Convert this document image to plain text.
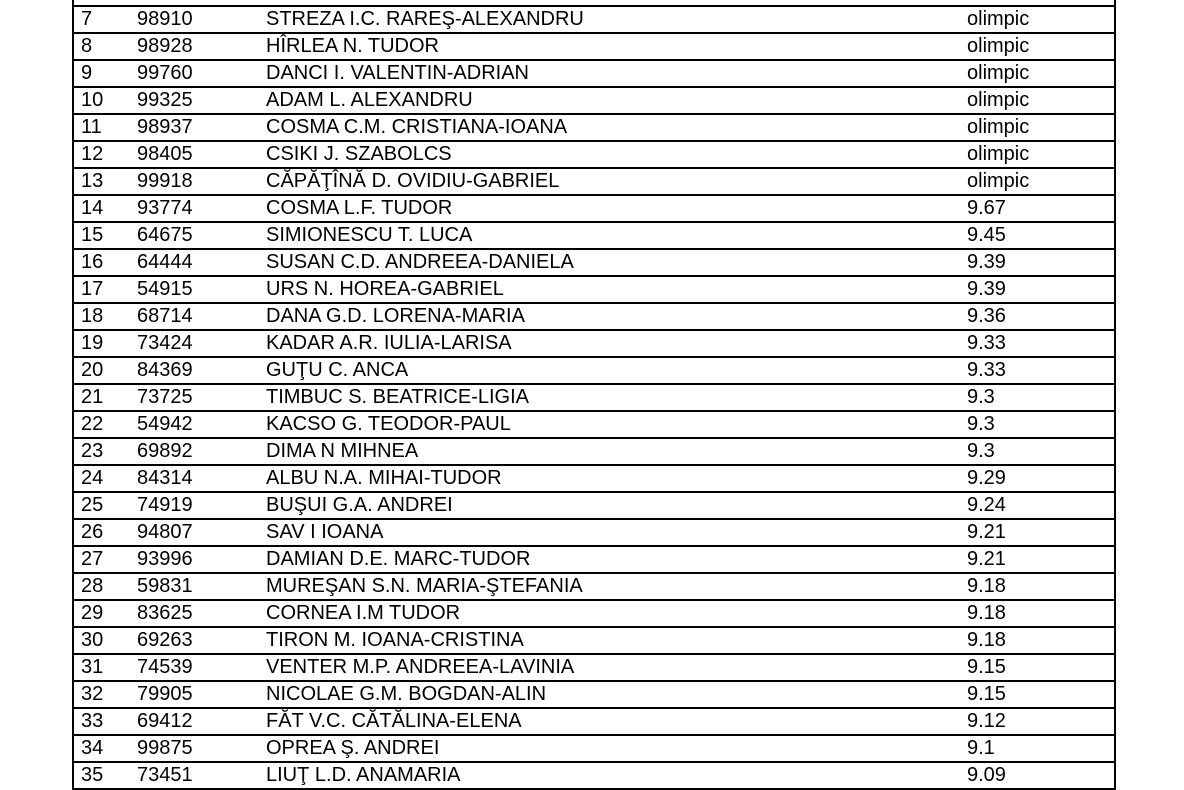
7 98910	STREZA I.C. RAREŞ-ALEXANDRU	olimpic
8 98928	HÎRLEA N. TUDOR	olimpic
9 99760	DANCI I. VALENTIN-ADRIAN	olimpic
10 99325	ADAM L. ALEXANDRU	olimpic
11 98937	COSMA C.M. CRISTIANA-IOANA	olimpic
12 98405	CSIKI J. SZABOLCS	olimpic
13 99918	CĂPĂŢÎNĂ D. OVIDIU-GABRIEL	olimpic
14 93774	COSMA L.F. TUDOR	9.67
15 64675	SIMIONESCU T. LUCA	9.45
16 64444	SUSAN C.D. ANDREEA-DANIELA	9.39
17 54915	URS N. HOREA-GABRIEL	9.39
18 68714	DANA G.D. LORENA-MARIA	9.36
19 73424	KADAR A.R. IULIA-LARISA	9.33
20 84369	GUŢU C. ANCA	9.33
21 73725	TIMBUC S. BEATRICE-LIGIA	9.3
22 54942	KACSO G. TEODOR-PAUL	9.3
23 69892	DIMA N MIHNEA	9.3
24 84314	ALBU N.A. MIHAI-TUDOR	9.29
25 74919	BUŞUI G.A. ANDREI	9.24
26 94807	SAV I IOANA	9.21
27 93996	DAMIAN D.E. MARC-TUDOR	9.21
28 59831	MUREŞAN S.N. MARIA-ŞTEFANIA	9.18
29 83625	CORNEA I.M TUDOR	9.18
30 69263	TIRON M. IOANA-CRISTINA	9.18
31 74539	VENTER M.P. ANDREEA-LAVINIA	9.15
32 79905	NICOLAE G.M. BOGDAN-ALIN	9.15
33 69412	FĂT V.C. CĂTĂLINA-ELENA	9.12
34 99875	OPREA Ş. ANDREI	9.1
35 73451	LIUŢ L.D. ANAMARIA	9.09
